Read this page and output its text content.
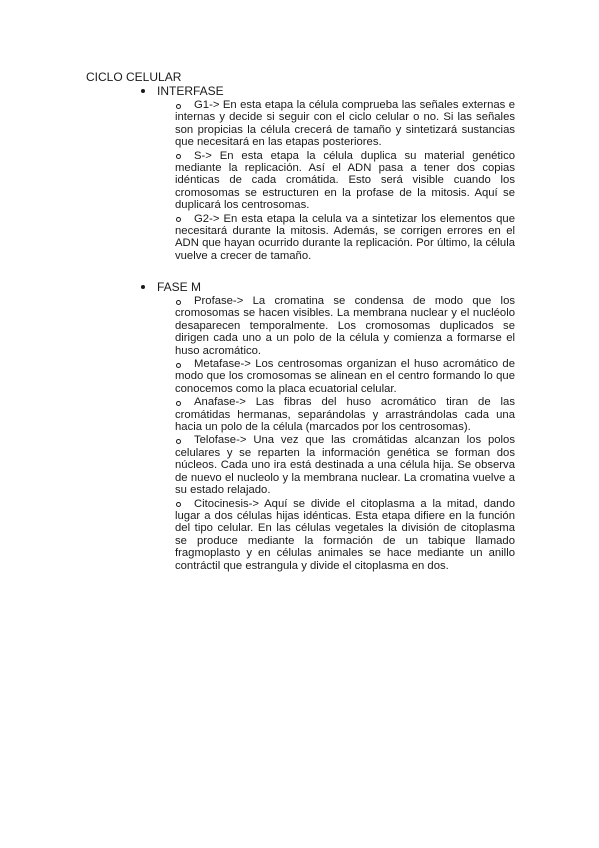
CICLO CELULAR
INTERFASE
G1-> En esta etapa la célula comprueba las señales externas e internas y decide si seguir con el ciclo celular o no. Si las señales son propicias la célula crecerá de tamaño y sintetizará sustancias que necesitará en las etapas posteriores.
S-> En esta etapa la célula duplica su material genético mediante la replicación. Así el ADN pasa a tener dos copias idénticas de cada cromátida. Esto será visible cuando los cromosomas se estructuren en la profase de la mitosis. Aquí se duplicará los centrosomas.
G2-> En esta etapa la celula va a sintetizar los elementos que necesitará durante la mitosis. Además, se corrigen errores en el ADN que hayan ocurrido durante la replicación. Por último, la célula vuelve a crecer de tamaño.
FASE M
Profase-> La cromatina se condensa de modo que los cromosomas se hacen visibles. La membrana nuclear y el nucléolo desaparecen temporalmente. Los cromosomas duplicados se dirigen cada uno a un polo de la célula y comienza a formarse el huso acromático.
Metafase-> Los centrosomas organizan el huso acromático de modo que los cromosomas se alinean en el centro formando lo que conocemos como la placa ecuatorial celular.
Anafase-> Las fibras del huso acromático tiran de las cromátidas hermanas, separándolas y arrastrándolas cada una hacia un polo de la célula (marcados por los centrosomas).
Telofase-> Una vez que las cromátidas alcanzan los polos celulares y se reparten la información genética se forman dos núcleos. Cada uno ira está destinada a una célula hija. Se observa de nuevo el nucleolo y la membrana nuclear. La cromatina vuelve a su estado relajado.
Citocinesis-> Aquí se divide el citoplasma a la mitad, dando lugar a dos células hijas idénticas. Esta etapa difiere en la función del tipo celular. En las células vegetales la división de citoplasma se produce mediante la formación de un tabique llamado fragmoplasto y en células animales se hace mediante un anillo contráctil que estrangula y divide el citoplasma en dos.
